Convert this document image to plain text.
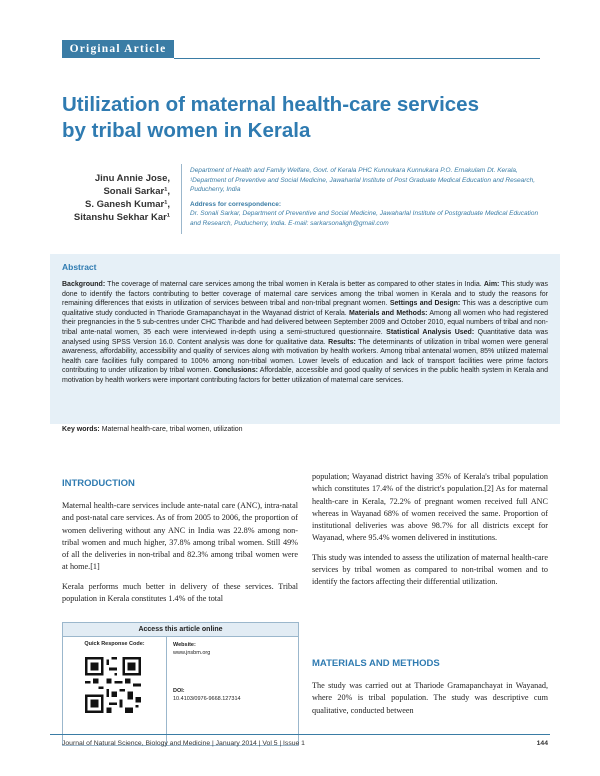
Original Article
Utilization of maternal health-care services by tribal women in Kerala
Jinu Annie Jose,
Sonali Sarkar¹,
S. Ganesh Kumar¹,
Sitanshu Sekhar Kar¹
Department of Health and Family Welfare, Govt. of Kerala PHC Kunnukara Kunnukara P.O. Ernakulam Dt. Kerala, ¹Department of Preventive and Social Medicine, Jawaharlal Institute of Post Graduate Medical Education and Research, Puducherry, India
Address for correspondence:
Dr. Sonali Sarkar, Department of Preventive and Social Medicine, Jawaharlal Institute of Postgraduate Medical Education and Research, Puducherry, India. E-mail: sarkarsonaligh@gmail.com
Abstract
Background: The coverage of maternal care services among the tribal women in Kerala is better as compared to other states in India. Aim: This study was done to identify the factors contributing to better coverage of maternal care services among the tribal women in Kerala and to study the reasons for remaining differences that exists in utilization of services between tribal and non-tribal pregnant women. Settings and Design: This was a descriptive cum qualitative study conducted in Thariode Gramapanchayat in the Wayanad district of Kerala. Materials and Methods: Among all women who had registered their pregnancies in the 5 sub-centres under CHC Tharibde and had delivered between September 2009 and October 2010, equal numbers of tribal and non-tribal ante-natal women, 35 each were interviewed in-depth using a semi-structured questionnaire. Statistical Analysis Used: Quantitative data was analysed using SPSS Version 16.0. Content analysis was done for qualitative data. Results: The determinants of utilization in tribal women were general awareness, affordability, accessibility and quality of services along with motivation by health workers. Among tribal antenatal women, 85% utilized maternal health care facilities fully compared to 100% among non-tribal women. Lower levels of education and lack of transport facilities were prime factors contributing to under utilization by tribal women. Conclusions: Affordable, accessible and good quality of services in the public health system in Kerala and motivation by health workers were important contributing factors for better utilization of maternal care services.
Key words: Maternal health-care, tribal women, utilization
INTRODUCTION

Maternal health-care services include ante-natal care (ANC), intra-natal and post-natal care services. As of from 2005 to 2006, the proportion of women delivering without any ANC in India was 22.8% among non-tribal women and much higher, 37.8% among tribal women. Still 49% of all the deliveries in non-tribal and 82.3% among tribal women were at home.[1]

Kerala performs much better in delivery of these services. Tribal population in Kerala constitutes 1.4% of the total

Access this article online
Quick Response Code:	Website:
www.jnsbm.org
DOI:
10.4103/0976-9668.127314

population; Wayanad district having 35% of Kerala's tribal population which constitutes 17.4% of the district's population.[2] As for maternal health-care in Kerala, 72.2% of pregnant women received full ANC whereas in Wayanad 68% of women received the same. Proportion of institutional deliveries was above 98.7% for all districts except for Wayanad, where 95.4% women delivered in institutions.

This study was intended to assess the utilization of maternal health-care services by tribal women as compared to non-tribal women and to identify the factors affecting their differential utilization.

MATERIALS AND METHODS

The study was carried out at Thariode Gramapanchayat in Wayanad, where 20% is tribal population. The study was descriptive cum qualitative, conducted between

Journal of Natural Science, Biology and Medicine | January 2014 | Vol 5 | Issue 1	144
